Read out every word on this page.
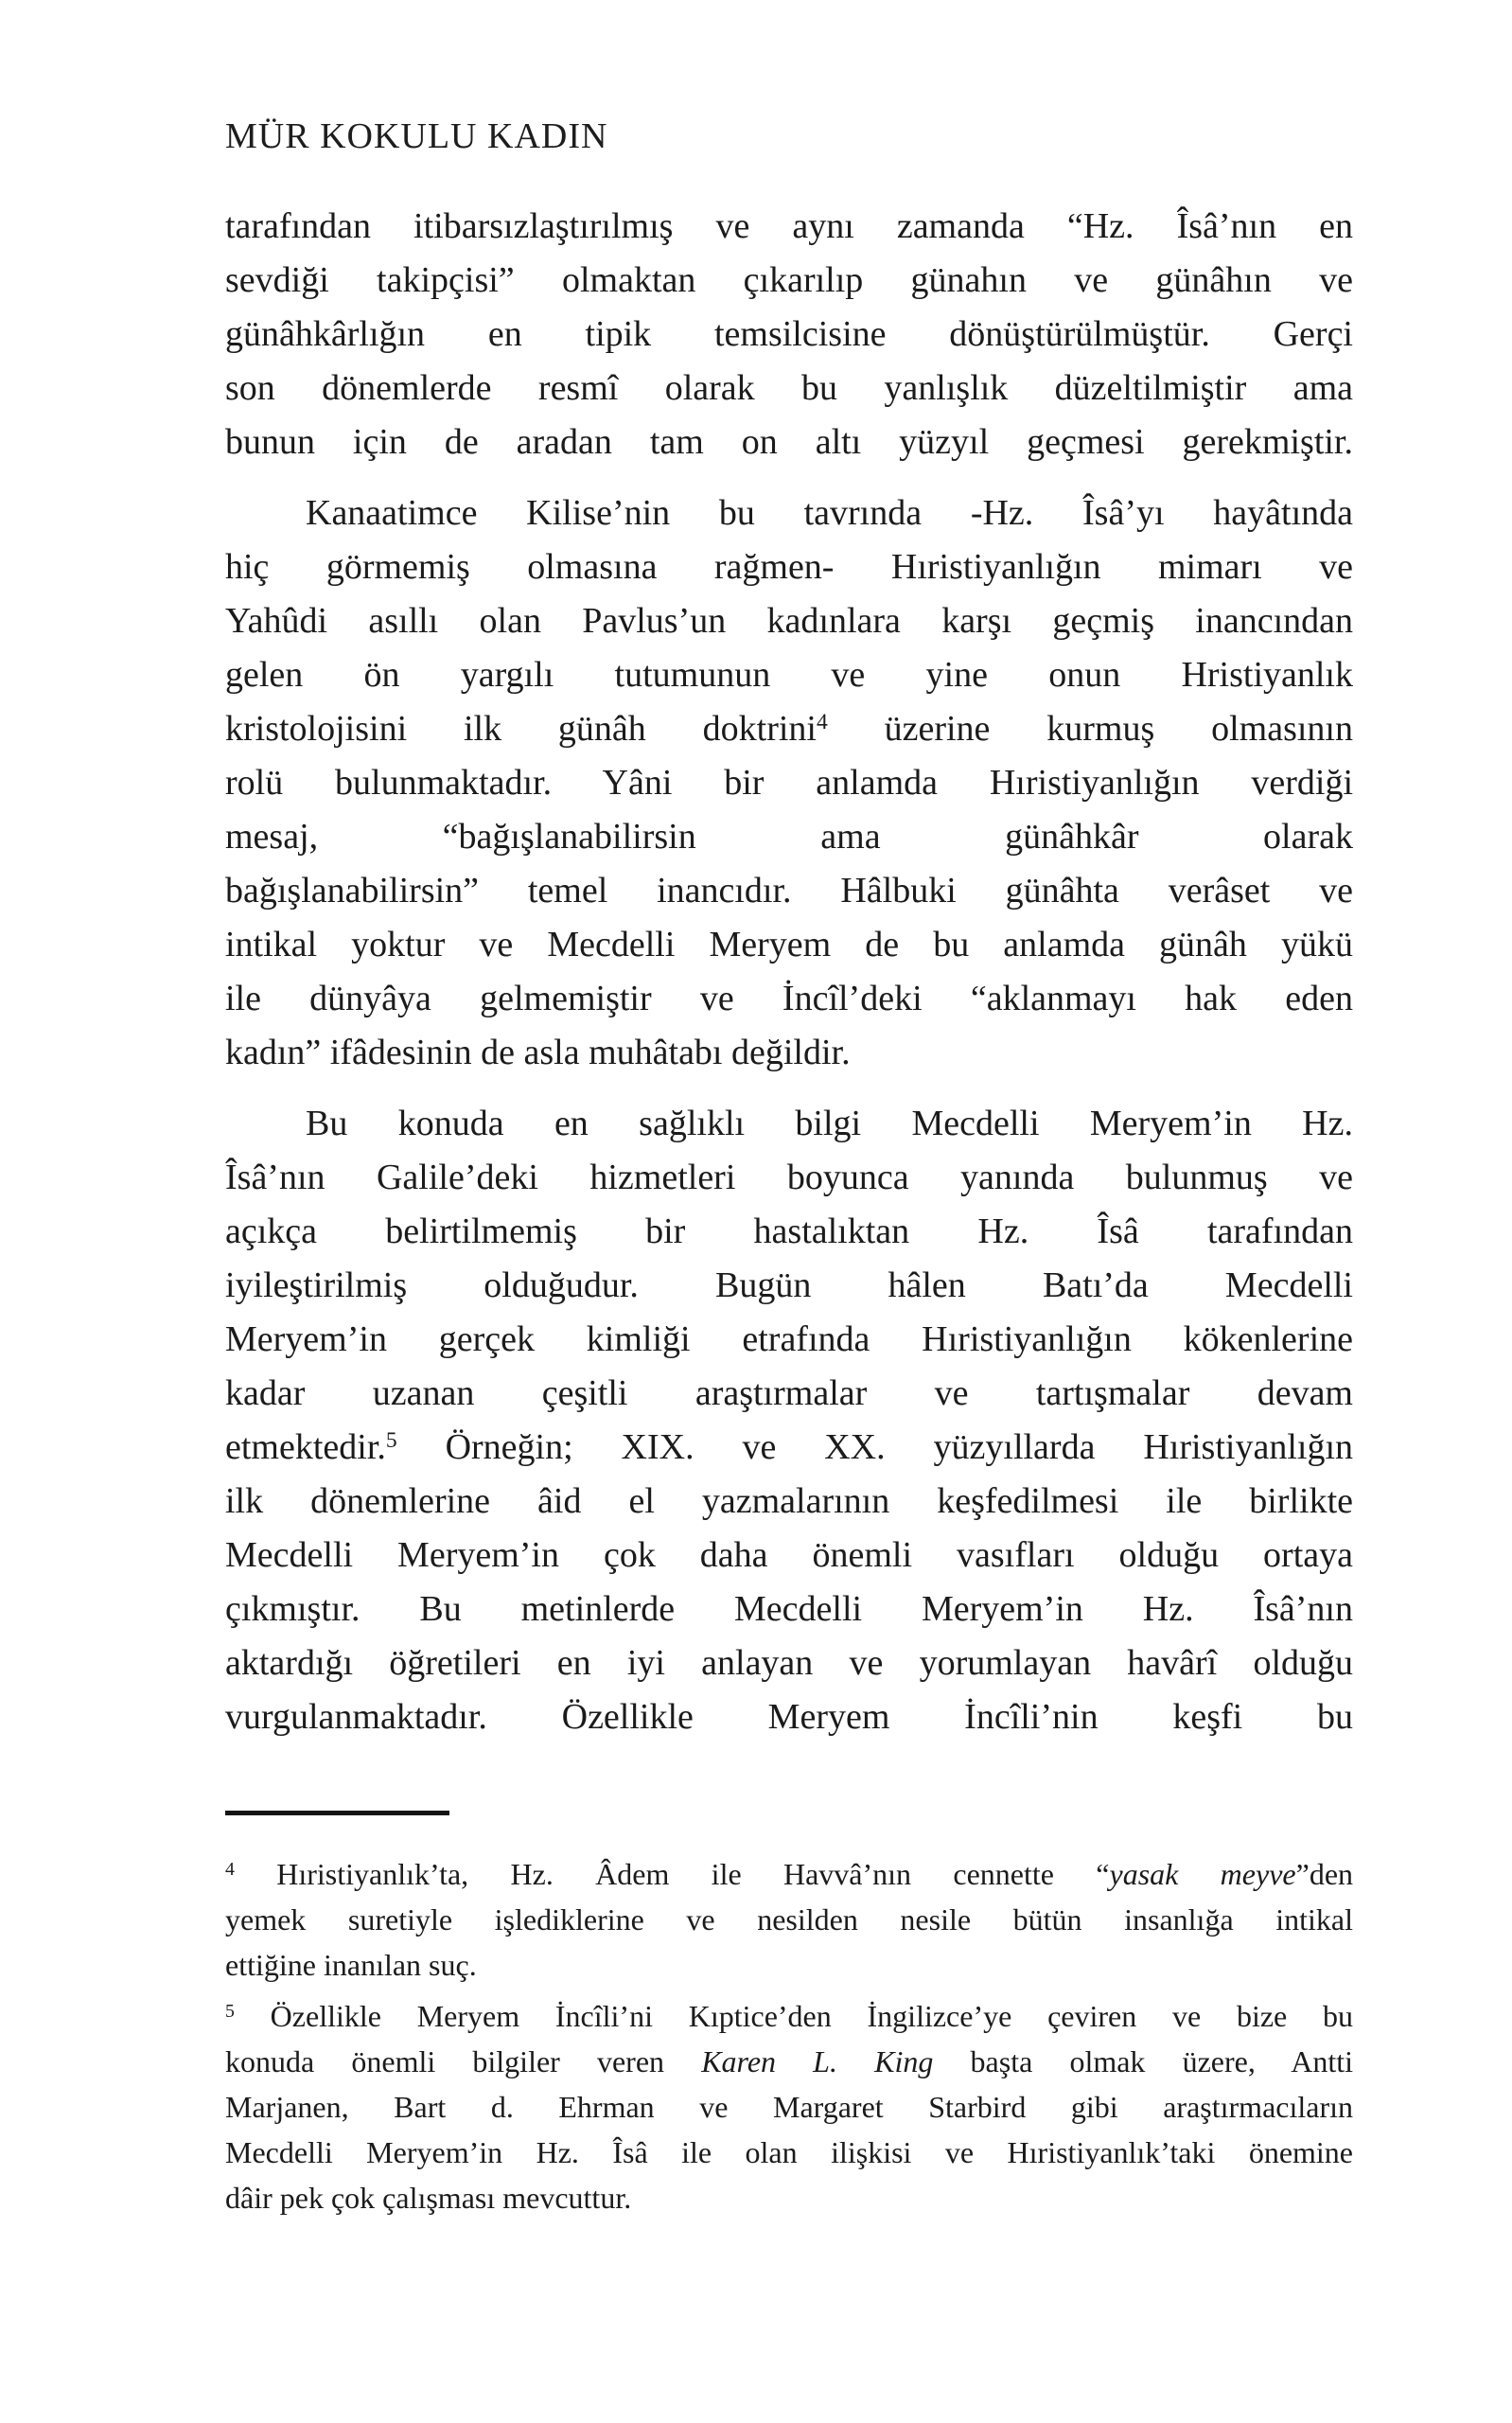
MÜR KOKULU KADIN
tarafından itibarsızlaştırılmış ve aynı zamanda “Hz. Îsâ’nın en
sevdiği takipçisi” olmaktan çıkarılıp günahın ve günâhın ve
günâhkârlığın en tipik temsilcisine dönüştürülmüştür. Gerçi
son dönemlerde resmî olarak bu yanlışlık düzeltilmiştir ama
bunun için de aradan tam on altı yüzyıl geçmesi gerekmiştir.
Kanaatimce Kilise’nin bu tavrında -Hz. Îsâ’yı hayâtında
hiç görmemiş olmasına rağmen- Hıristiyanlığın mimarı ve
Yahûdi asıllı olan Pavlus’un kadınlara karşı geçmiş inancından
gelen ön yargılı tutumunun ve yine onun Hristiyanlık
kristolojisini ilk günâh doktrini$^4$ üzerine kurmuş olmasının
rolü bulunmaktadır. Yâni bir anlamda Hıristiyanlığın verdiği
mesaj, “bağışlanabilirsin ama günâhkâr olarak
bağışlanabilirsin” temel inancıdır. Hâlbuki günâhta verâset ve
intikal yoktur ve Mecdelli Meryem de bu anlamda günâh yükü
ile dünyâya gelmemiştir ve İncîl’deki “aklanmayı hak eden
kadın” ifâdesinin de asla muhâtabı değildir.
Bu konuda en sağlıklı bilgi Mecdelli Meryem’in Hz.
Îsâ’nın Galile’deki hizmetleri boyunca yanında bulunmuş ve
açıkça belirtilmemiş bir hastalıktan Hz. Îsâ tarafından
iyileştirilmiş olduğudur. Bugün hâlen Batı’da Mecdelli
Meryem’in gerçek kimliği etrafında Hıristiyanlığın kökenlerine
kadar uzanan çeşitli araştırmalar ve tartışmalar devam
etmektedir.$^5$ Örneğin; XIX. ve XX. yüzyıllarda Hıristiyanlığın
ilk dönemlerine âid el yazmalarının keşfedilmesi ile birlikte
Mecdelli Meryem’in çok daha önemli vasıfları olduğu ortaya
çıkmıştır. Bu metinlerde Mecdelli Meryem’in Hz. Îsâ’nın
aktardığı öğretileri en iyi anlayan ve yorumlayan havârî olduğu
vurgulanmaktadır. Özellikle Meryem İncîli’nin keşfi bu
$^4$ Hıristiyanlık’ta, Hz. Âdem ile Havvâ’nın cennette “yasak meyve”den
yemek suretiyle işlediklerine ve nesilden nesile bütün insanlığa intikal
ettiğine inanılan suç.
$^5$ Özellikle Meryem İncîli’ni Kıptice’den İngilizce’ye çeviren ve bize bu
konuda önemli bilgiler veren Karen L. King başta olmak üzere, Antti
Marjanen, Bart d. Ehrman ve Margaret Starbird gibi araştırmacıların
Mecdelli Meryem’in Hz. Îsâ ile olan ilişkisi ve Hıristiyanlık’taki önemine
dâir pek çok çalışması mevcuttur.
